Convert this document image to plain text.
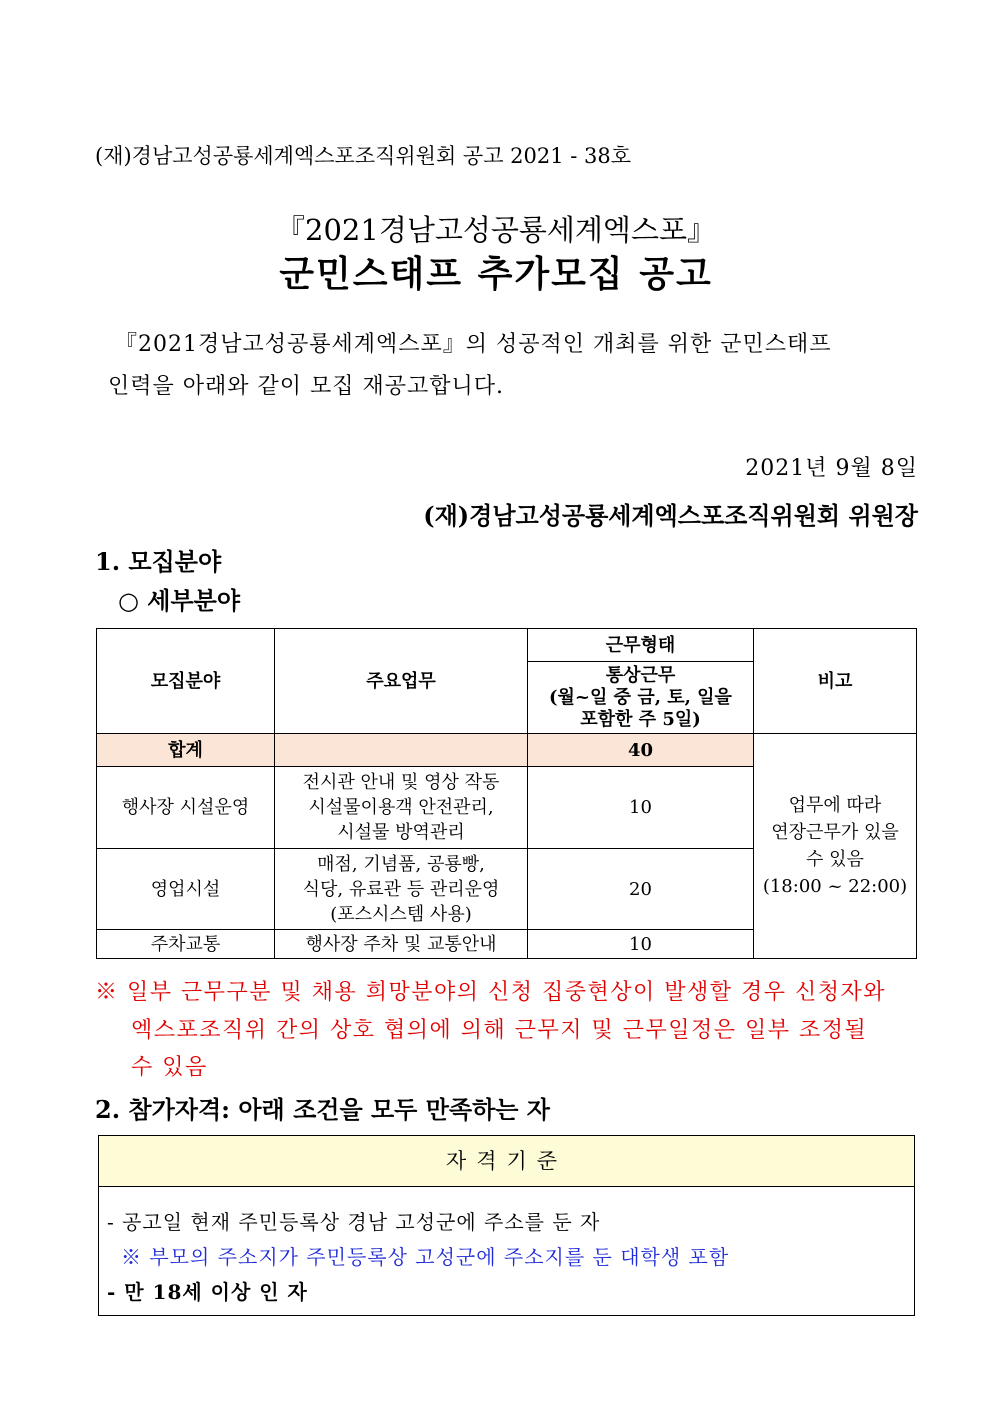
(재)경남고성공룡세계엑스포조직위원회 공고 2021 - 38호
『2021경남고성공룡세계엑스포』
군민스태프 추가모집 공고
『2021경남고성공룡세계엑스포』의 성공적인 개최를 위한 군민스태프
인력을 아래와 같이 모집 재공고합니다.
2021년 9월 8일
(재)경남고성공룡세계엑스포조직위원회 위원장
1. 모집분야
○ 세부분야
모집분야	주요업무	근무형태	비고

		통상근무
(월~일 중 금, 토, 일을
포함한 주 5일)	

합계		40	업무에 따라
연장근무가 있을
수 있음
(18:00 ~ 22:00)

행사장 시설운영	전시관 안내 및 영상 작동
시설물이용객 안전관리,
시설물 방역관리	10	
영업시설	매점, 기념품, 공룡빵,
식당, 유료관 등 관리운영
(포스시스템 사용)	20	
주차교통	행사장 주차 및 교통안내	10	
※ 일부 근무구분 및 채용 희망분야의 신청 집중현상이 발생할 경우 신청자와
엑스포조직위 간의 상호 협의에 의해 근무지 및 근무일정은 일부 조정될
수 있음
2. 참가자격: 아래 조건을 모두 만족하는 자
자격기준
- 공고일 현재 주민등록상 경남 고성군에 주소를 둔 자
※ 부모의 주소지가 주민등록상 고성군에 주소지를 둔 대학생 포함
- 만 18세 이상 인 자
